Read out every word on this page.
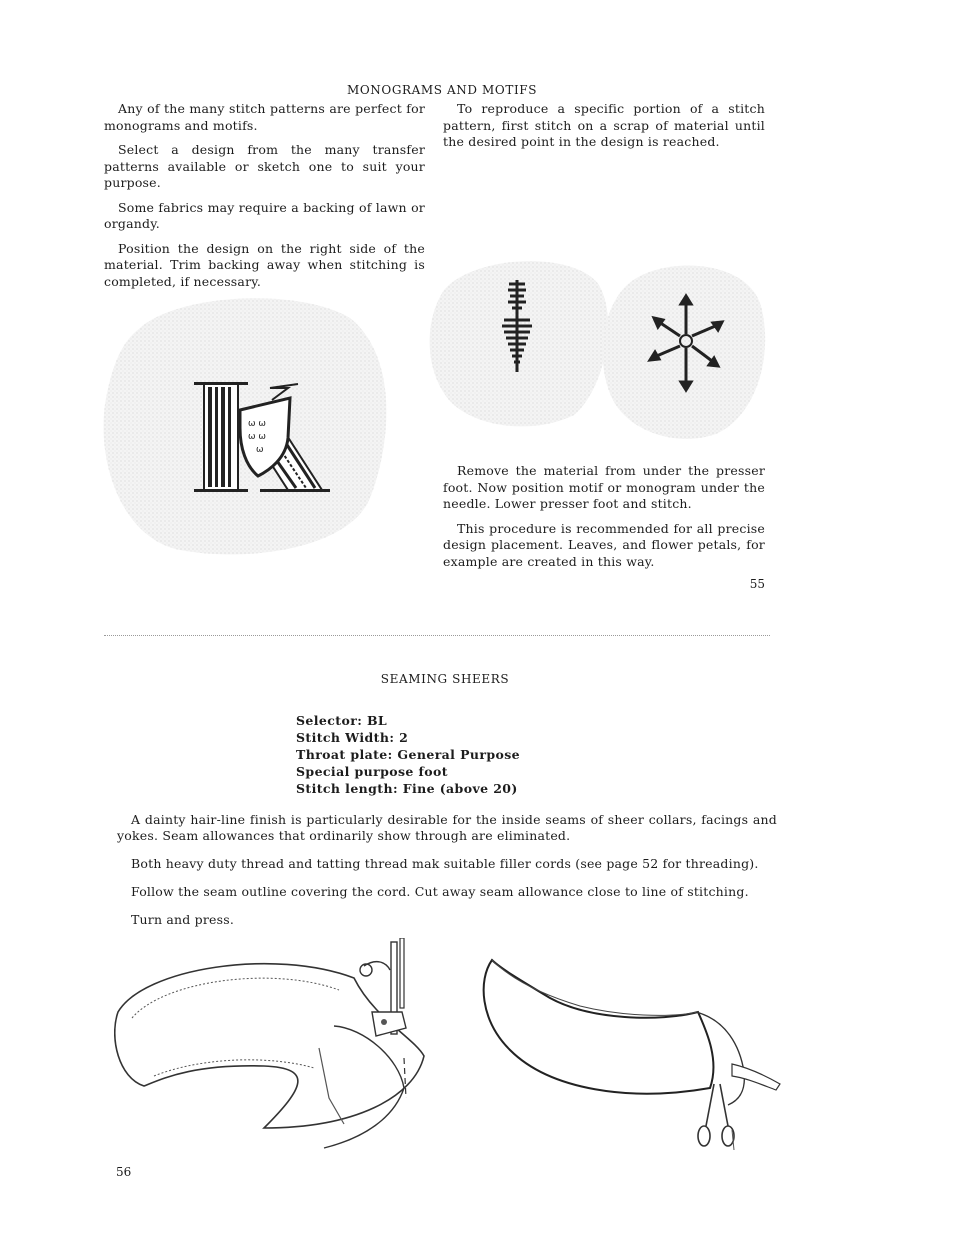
MONOGRAMS AND MOTIFS

Any of the many stitch patterns are perfect for monograms and motifs.

Select a design from the many transfer patterns available or sketch one to suit your purpose.

Some fabrics may require a backing of lawn or organdy.

Position the design on the right side of the material. Trim backing away when stitching is completed, if necessary.

To reproduce a specific portion of a stitch pattern, first stitch on a scrap of material until the desired point in the design is reached.

ѡ ѡ
ѡ ѡ
ѡ

Remove the material from under the presser foot. Now position motif or monogram under the needle. Lower presser foot and stitch.

This procedure is recommended for all precise design placement. Leaves, and flower petals, for example are created in this way.

55
SEAMING SHEERS
Selector: BL
Stitch Width: 2
Throat plate: General Purpose
Special purpose foot
Stitch length: Fine (above 20)

A dainty hair-line finish is particularly desirable for the inside seams of sheer collars, facings and yokes. Seam allowances that ordinarily show through are eliminated.

Both heavy duty thread and tatting thread mak suitable filler cords (see page 52 for threading).

Follow the seam outline covering the cord. Cut away seam allowance close to line of stitching.

Turn and press.

56
